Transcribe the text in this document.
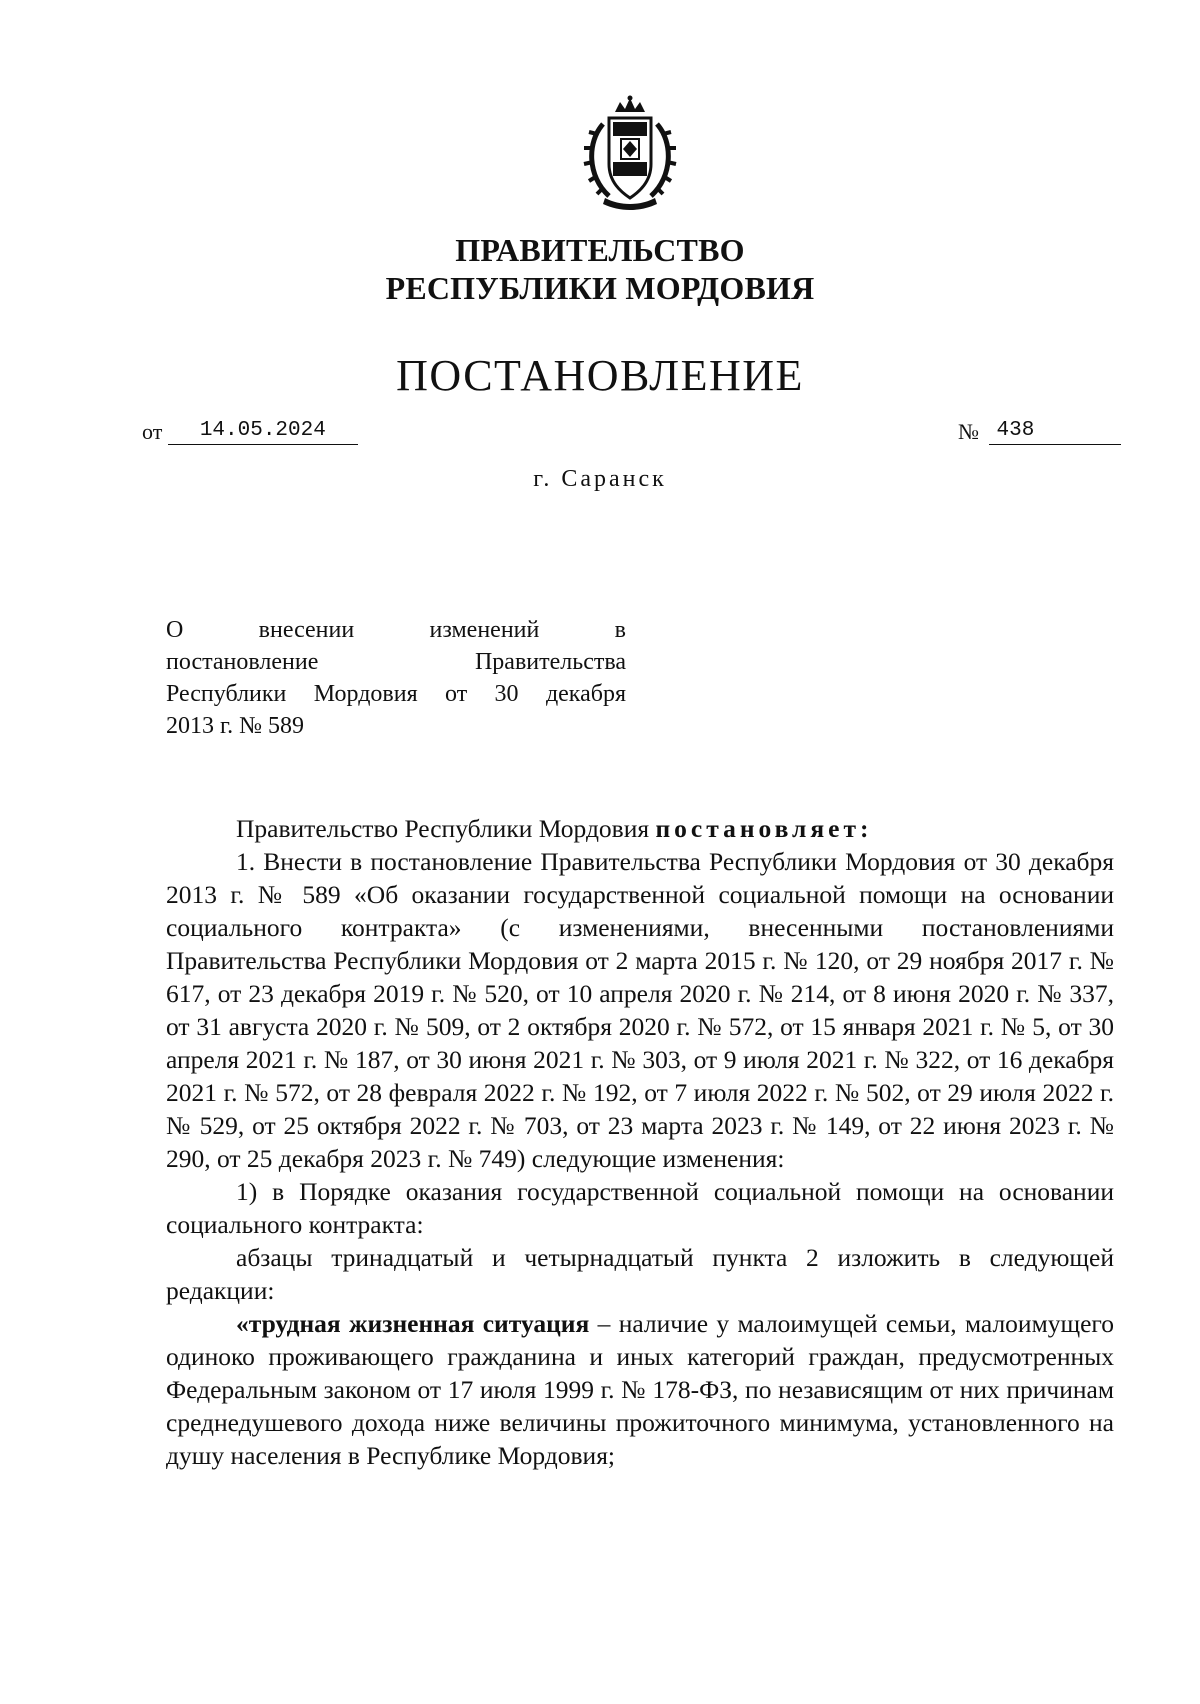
ПРАВИТЕЛЬСТВО
РЕСПУБЛИКИ МОРДОВИЯ
ПОСТАНОВЛЕНИЕ
от 14.05.2024	№ 438
г. Саранск
О внесении изменений в
постановление Правительства
Республики Мордовия от 30 декабря
2013 г. № 589

Правительство Республики Мордовия постановляет:

1. Внести в постановление Правительства Республики Мордовия от 30 декабря 2013 г. № 589 «Об оказании государственной социальной помощи на основании социального контракта» (с изменениями, внесенными постановлениями Правительства Республики Мордовия от 2 марта 2015 г. № 120, от 29 ноября 2017 г. № 617, от 23 декабря 2019 г. № 520, от 10 апреля 2020 г. № 214, от 8 июня 2020 г. № 337, от 31 августа 2020 г. № 509, от 2 октября 2020 г. № 572, от 15 января 2021 г. № 5, от 30 апреля 2021 г. № 187, от 30 июня 2021 г. № 303, от 9 июля 2021 г. № 322, от 16 декабря 2021 г. № 572, от 28 февраля 2022 г. № 192, от 7 июля 2022 г. № 502, от 29 июля 2022 г. № 529, от 25 октября 2022 г. № 703, от 23 марта 2023 г. № 149, от 22 июня 2023 г. № 290, от 25 декабря 2023 г. № 749) следующие изменения:

1) в Порядке оказания государственной социальной помощи на основании социального контракта:

абзацы тринадцатый и четырнадцатый пункта 2 изложить в следующей редакции:

«трудная жизненная ситуация – наличие у малоимущей семьи, малоимущего одиноко проживающего гражданина и иных категорий граждан, предусмотренных Федеральным законом от 17 июля 1999 г. № 178-ФЗ, по независящим от них причинам среднедушевого дохода ниже величины прожиточного минимума, установленного на душу населения в Республике Мордовия;
